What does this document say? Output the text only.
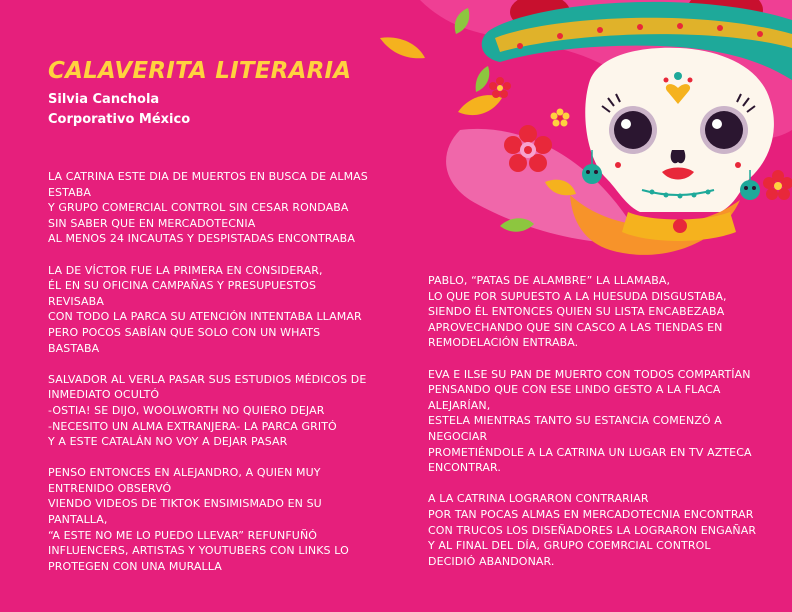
CALAVERITA LITERARIA
Silvia Canchola
Corporativo México

LA CATRINA ESTE DIA DE MUERTOS EN BUSCA DE ALMAS
ESTABA
Y GRUPO COMERCIAL CONTROL SIN CESAR RONDABA
SIN SABER QUE EN MERCADOTECNIA
AL MENOS 24 INCAUTAS Y DESPISTADAS ENCONTRABA

LA DE VÍCTOR FUE LA PRIMERA EN CONSIDERAR,
ÉL EN SU OFICINA CAMPAÑAS Y PRESUPUESTOS
REVISABA
CON TODO LA PARCA SU ATENCIÓN INTENTABA LLAMAR
PERO POCOS SABÍAN QUE SOLO CON UN WHATS
BASTABA

SALVADOR AL VERLA PASAR SUS ESTUDIOS MÉDICOS DE
INMEDIATO OCULTÓ
-OSTIA! SE DIJO, WOOLWORTH NO QUIERO DEJAR
-NECESITO UN ALMA EXTRANJERA- LA PARCA GRITÓ
Y A ESTE CATALÁN NO VOY A DEJAR PASAR

PENSO ENTONCES EN ALEJANDRO, A QUIEN MUY
ENTRENIDO OBSERVÓ
VIENDO VIDEOS DE TIKTOK ENSIMISMADO EN SU
PANTALLA,
“A ESTE NO ME LO PUEDO LLEVAR” REFUNFUÑÓ
INFLUENCERS, ARTISTAS Y YOUTUBERS CON LINKS LO
PROTEGEN CON UNA MURALLA

PABLO, “PATAS DE ALAMBRE” LA LLAMABA,
LO QUE POR SUPUESTO A LA HUESUDA DISGUSTABA,
SIENDO ÉL ENTONCES QUIEN SU LISTA ENCABEZABA
APROVECHANDO QUE SIN CASCO A LAS TIENDAS EN
REMODELACIÓN ENTRABA.

EVA E ILSE SU PAN DE MUERTO CON TODOS COMPARTÍAN
PENSANDO QUE CON ESE LINDO GESTO A LA FLACA
ALEJARÍAN,
ESTELA MIENTRAS TANTO SU ESTANCIA COMENZÓ A
NEGOCIAR
PROMETIÉNDOLE A LA CATRINA UN LUGAR EN TV AZTECA
ENCONTRAR.

A LA CATRINA LOGRARON CONTRARIAR
POR TAN POCAS ALMAS EN MERCADOTECNIA ENCONTRAR
CON TRUCOS LOS DISEÑADORES LA LOGRARON ENGAÑAR
Y AL FINAL DEL DÍA, GRUPO COEMRCIAL CONTROL
DECIDIÓ ABANDONAR.
